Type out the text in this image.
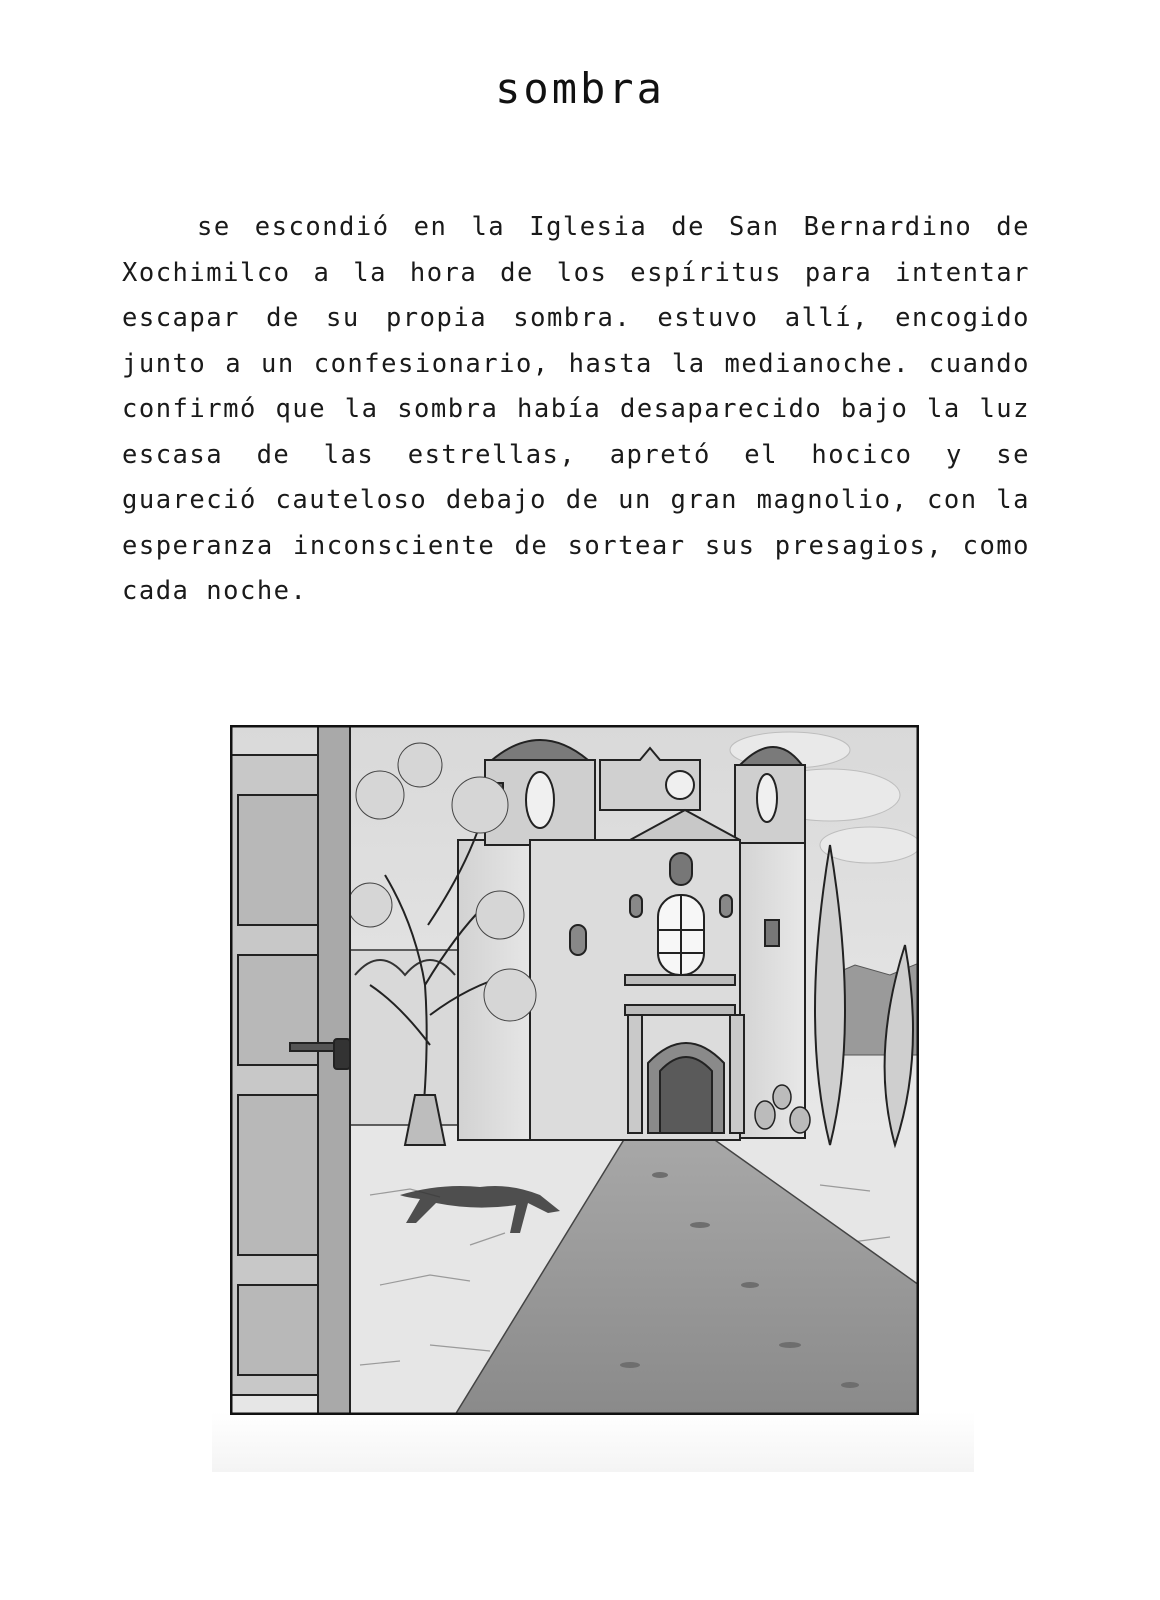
sombra

se escondió en la Iglesia de San Bernardino de Xochimilco a la hora de los espíritus para intentar escapar de su propia sombra. estuvo allí, encogido junto a un confesionario, hasta la medianoche. cuando confirmó que la sombra había desaparecido bajo la luz escasa de las estrellas, apretó el hocico y se guareció cauteloso debajo de un gran magnolio, con la esperanza inconsciente de sortear sus presagios, como cada noche.
